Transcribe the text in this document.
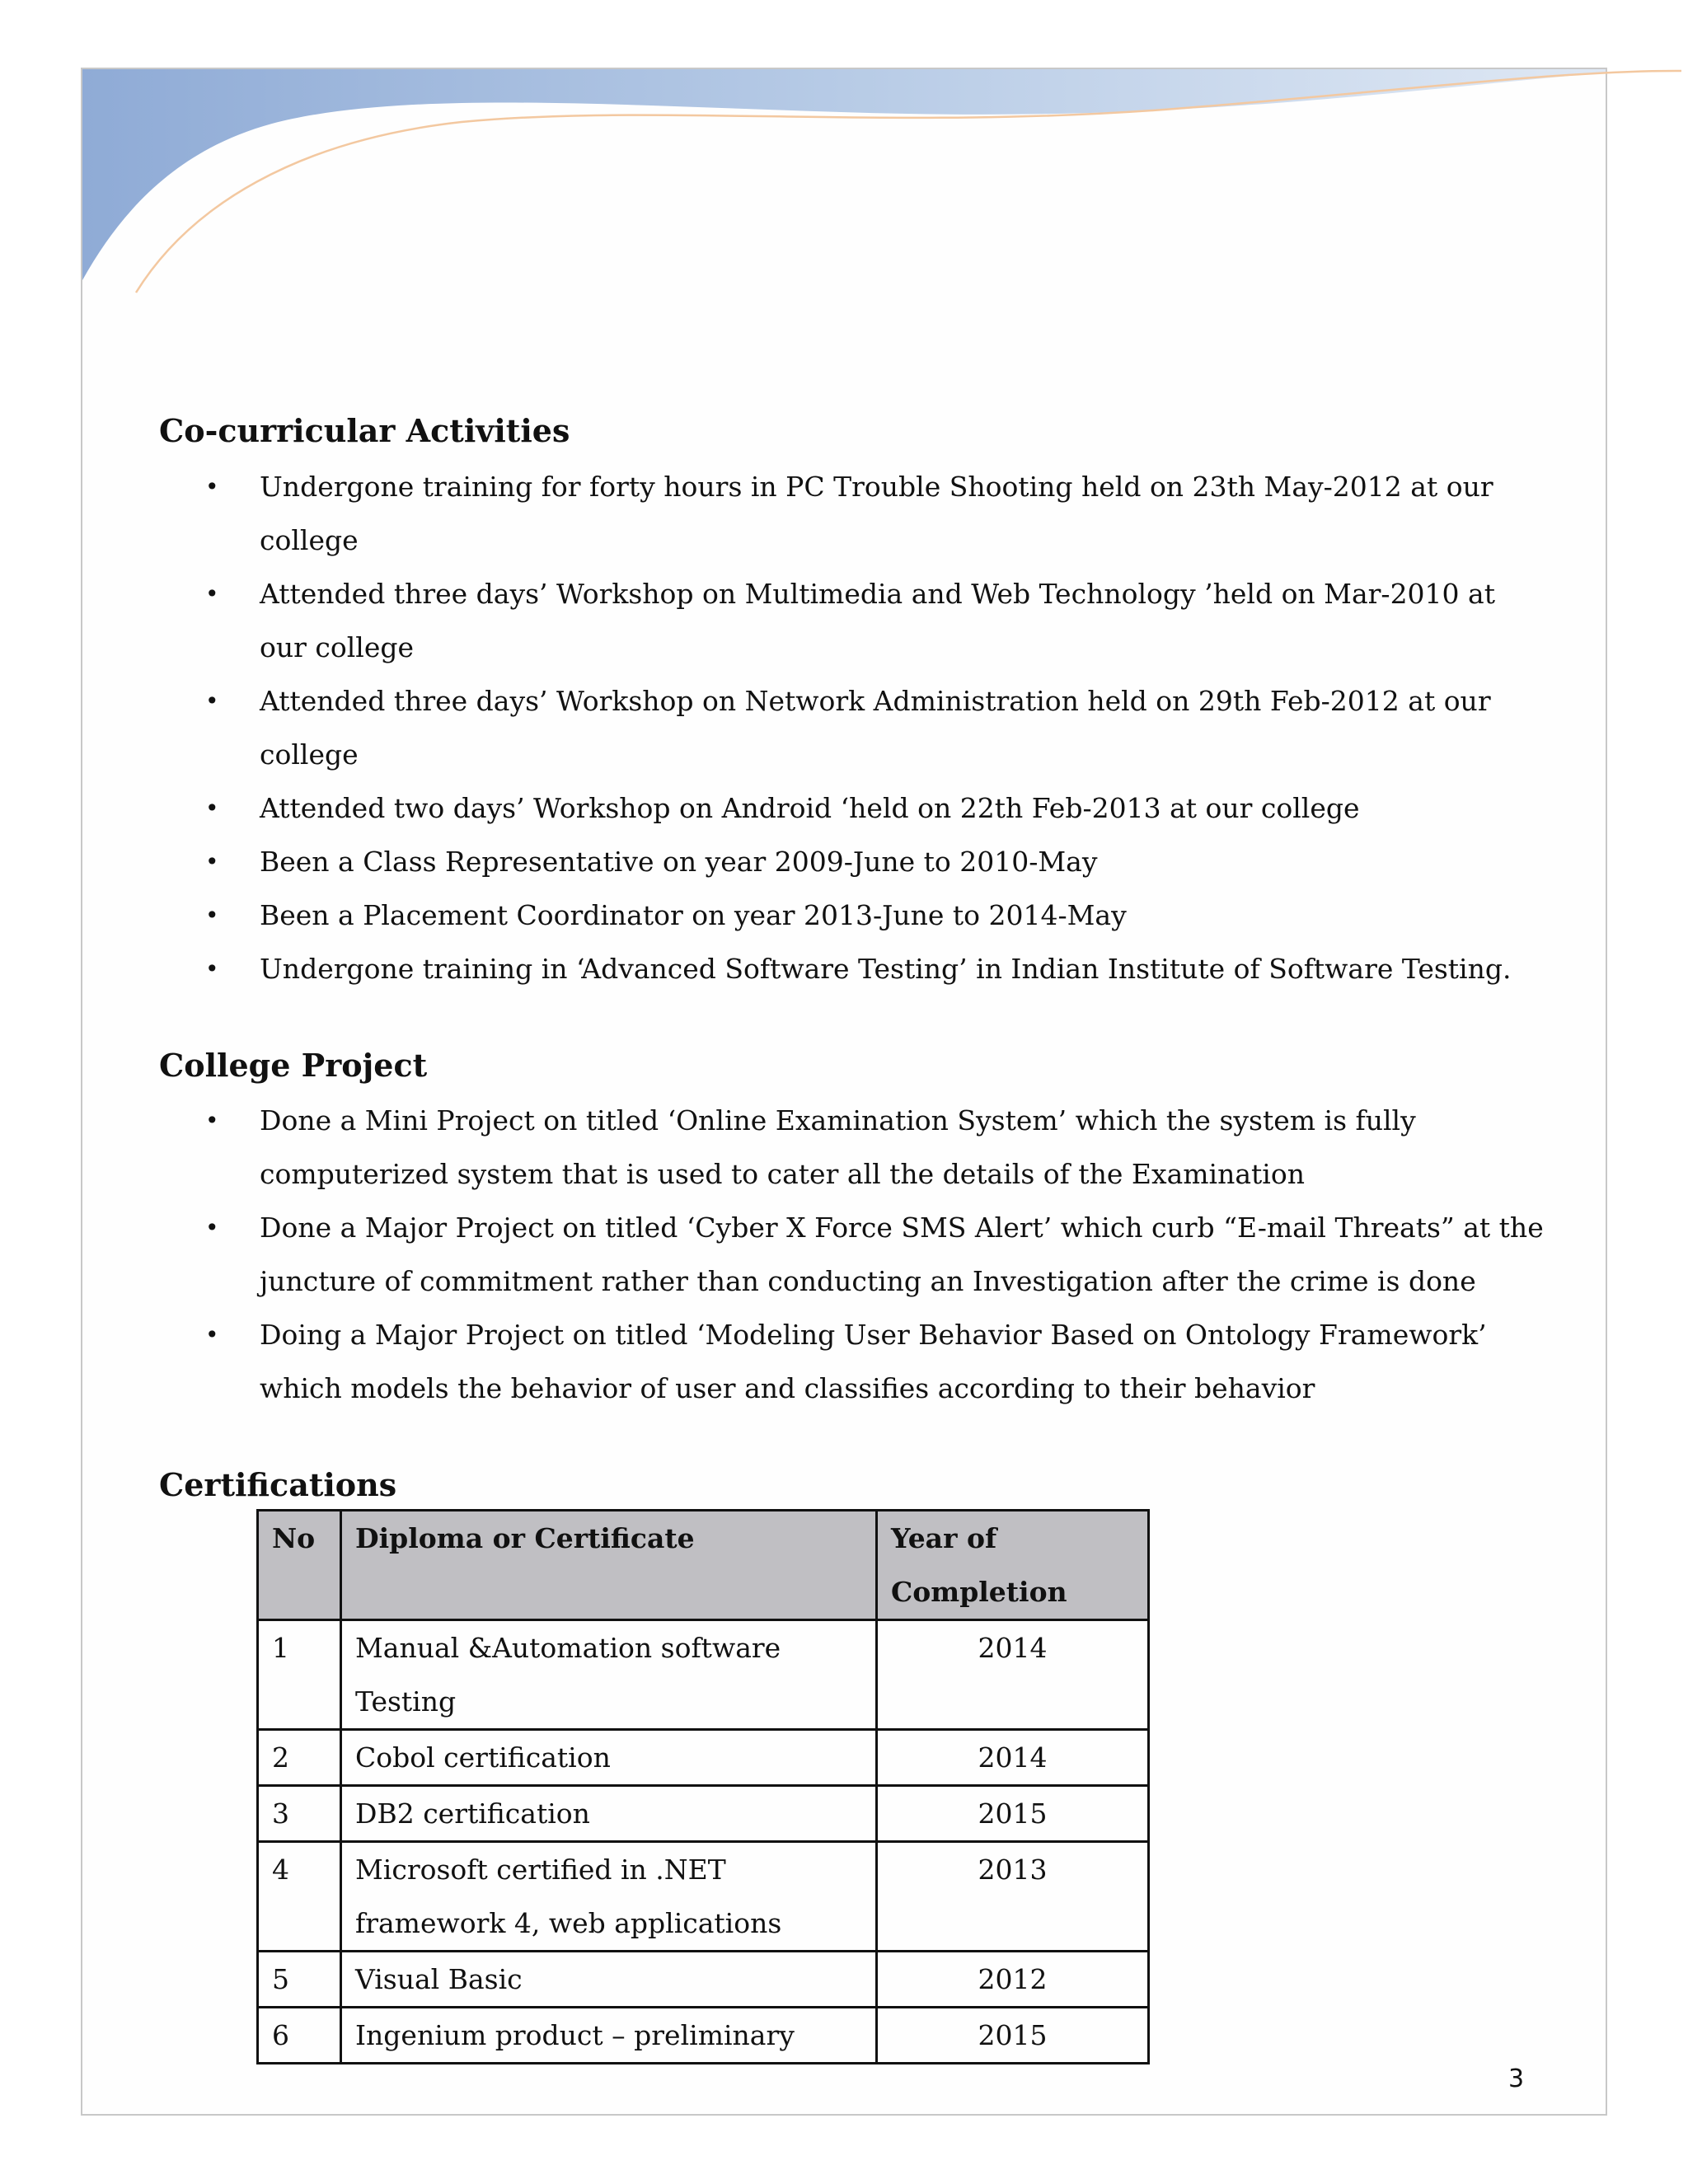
Co-curricular Activities
• Undergone training for forty hours in PC Trouble Shooting held on 23th May-2012 at our college
• Attended three days’ Workshop on Multimedia and Web Technology ’held on Mar-2010 at our college
• Attended three days’ Workshop on Network Administration held on 29th Feb-2012 at our college
• Attended two days’ Workshop on Android ‘held on 22th Feb-2013 at our college
• Been a Class Representative on year 2009-June to 2010-May
• Been a Placement Coordinator on year 2013-June to 2014-May
• Undergone training in ‘Advanced Software Testing’ in Indian Institute of Software Testing.
College Project
• Done a Mini Project on titled ‘Online Examination System’ which the system is fully computerized system that is used to cater all the details of the Examination
• Done a Major Project on titled ‘Cyber X Force SMS Alert’ which curb “E-mail Threats” at the juncture of commitment rather than conducting an Investigation after the crime is done
• Doing a Major Project on titled ‘Modeling User Behavior Based on Ontology Framework’ which models the behavior of user and classifies according to their behavior
Certifications
No	Diploma or Certificate	Year of Completion
1	Manual &Automation software Testing	2014
2	Cobol certification	2014
3	DB2 certification	2015
4	Microsoft certified in .NET framework 4, web applications	2013
5	Visual Basic	2012
6	Ingenium product – preliminary	2015
3
